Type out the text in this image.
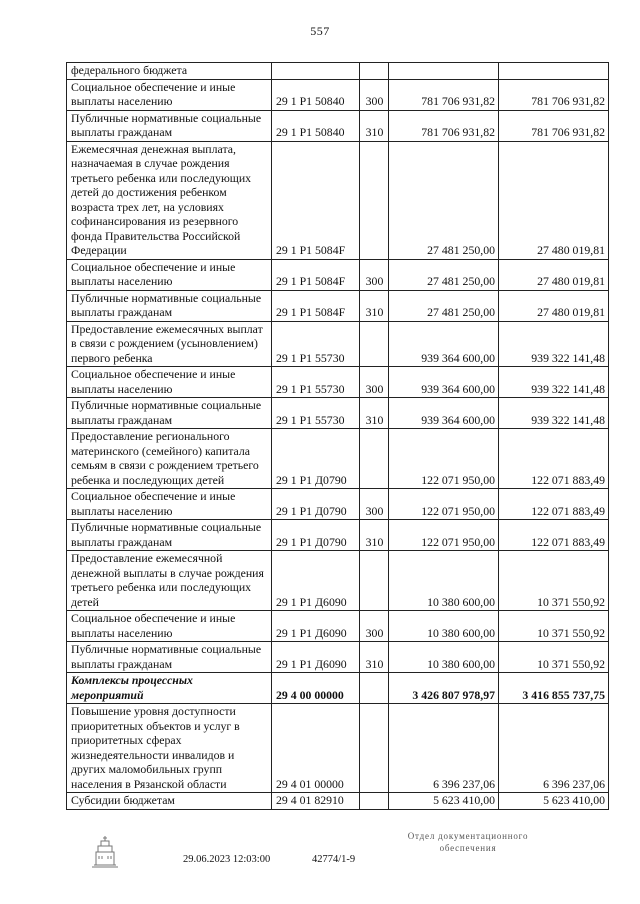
557
федерального бюджета				
Социальное обеспечение и иные выплаты населению	29 1 P1 50840	300	781 706 931,82	781 706 931,82
Публичные нормативные социальные выплаты гражданам	29 1 P1 50840	310	781 706 931,82	781 706 931,82
Ежемесячная денежная выплата, назначаемая в случае рождения третьего ребенка или последующих детей до достижения ребенком возраста трех лет, на условиях софинансирования из резервного фонда Правительства Российской Федерации	29 1 P1 5084F		27 481 250,00	27 480 019,81
Социальное обеспечение и иные выплаты населению	29 1 P1 5084F	300	27 481 250,00	27 480 019,81
Публичные нормативные социальные выплаты гражданам	29 1 P1 5084F	310	27 481 250,00	27 480 019,81
Предоставление ежемесячных выплат в связи с рождением (усыновлением) первого ребенка	29 1 P1 55730		939 364 600,00	939 322 141,48
Социальное обеспечение и иные выплаты населению	29 1 P1 55730	300	939 364 600,00	939 322 141,48
Публичные нормативные социальные выплаты гражданам	29 1 P1 55730	310	939 364 600,00	939 322 141,48
Предоставление регионального материнского (семейного) капитала семьям в связи с рождением третьего ребенка и последующих детей	29 1 P1 Д0790		122 071 950,00	122 071 883,49
Социальное обеспечение и иные выплаты населению	29 1 P1 Д0790	300	122 071 950,00	122 071 883,49
Публичные нормативные социальные выплаты гражданам	29 1 P1 Д0790	310	122 071 950,00	122 071 883,49
Предоставление ежемесячной денежной выплаты в случае рождения третьего ребенка или последующих детей	29 1 P1 Д6090		10 380 600,00	10 371 550,92
Социальное обеспечение и иные выплаты населению	29 1 P1 Д6090	300	10 380 600,00	10 371 550,92
Публичные нормативные социальные выплаты гражданам	29 1 P1 Д6090	310	10 380 600,00	10 371 550,92
Комплексы процессных мероприятий	29 4 00 00000		3 426 807 978,97	3 416 855 737,75
Повышение уровня доступности приоритетных объектов и услуг в приоритетных сферах жизнедеятельности инвалидов и других маломобильных групп населения в Рязанской области	29 4 01 00000		6 396 237,06	6 396 237,06
Субсидии бюджетам	29 4 01 82910		5 623 410,00	5 623 410,00
Отдел документационного
обеспечения
29.06.2023 12:03:00	42774/1-9
